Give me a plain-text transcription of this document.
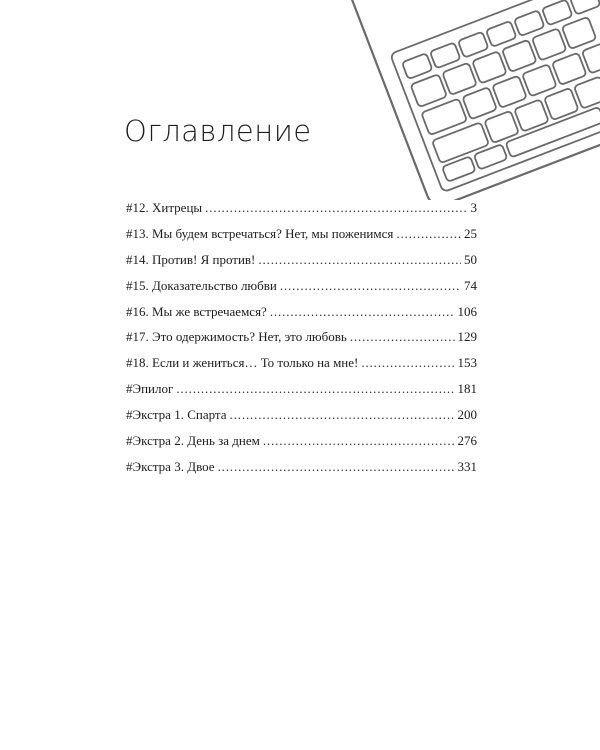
Оглавление
#12. Хитрецы . . .	3
#13. Мы будем встречаться? Нет, мы поженимся . . .	25
#14. Против! Я против! . . .	50
#15. Доказательство любви . . .	74
#16. Мы же встречаемся? . . .	106
#17. Это одержимость? Нет, это любовь . . .	129
#18. Если и жениться… То только на мне! . . .	153
#Эпилог . . .	181
#Экстра 1. Спарта . . .	200
#Экстра 2. День за днем . . .	276
#Экстра 3. Двое . . .	331
